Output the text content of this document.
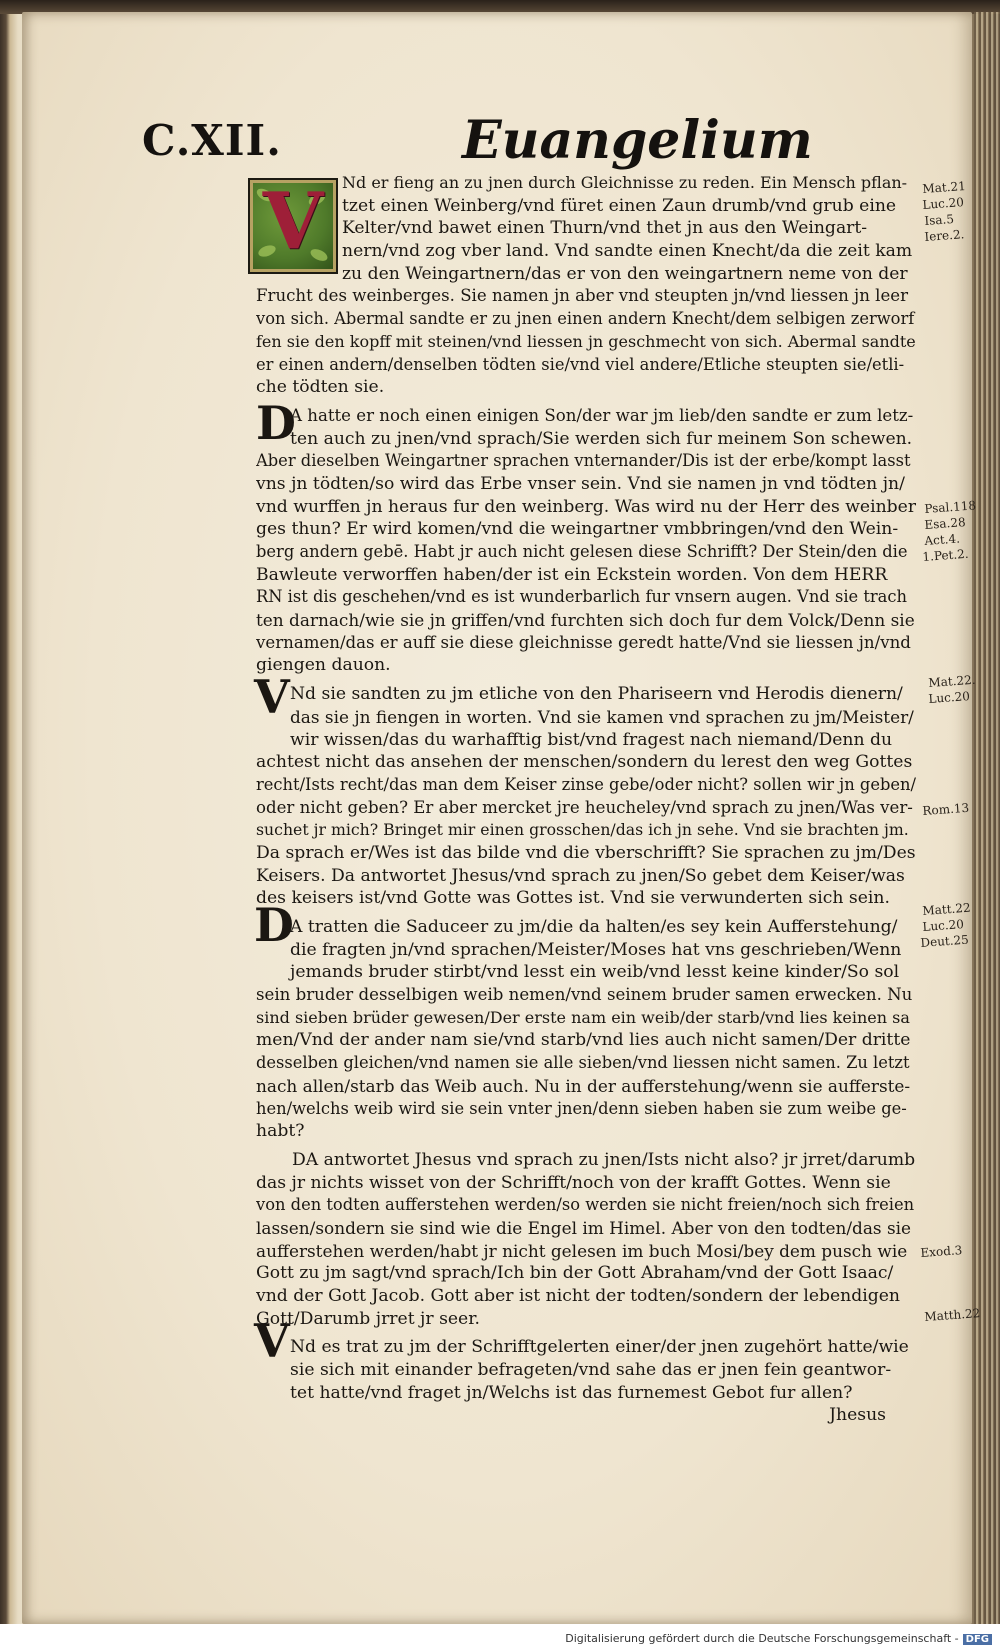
C.XII.	Euangelium
V
D
V
D
V
Nd er fieng an zu jnen durch Gleichnisse zu reden. Ein Mensch pflan-
tzet einen Weinberg/vnd füret einen Zaun drumb/vnd grub eine
Kelter/vnd bawet einen Thurn/vnd thet jn aus den Weingart-
nern/vnd zog vber land. Vnd sandte einen Knecht/da die zeit kam
zu den Weingartnern/das er von den weingartnern neme von der
Frucht des weinberges. Sie namen jn aber vnd steupten jn/vnd liessen jn leer
von sich. Abermal sandte er zu jnen einen andern Knecht/dem selbigen zerworf
fen sie den kopff mit steinen/vnd liessen jn geschmecht von sich. Abermal sandte
er einen andern/denselben tödten sie/vnd viel andere/Etliche steupten sie/etli-
che tödten sie.
A hatte er noch einen einigen Son/der war jm lieb/den sandte er zum letz-
ten auch zu jnen/vnd sprach/Sie werden sich fur meinem Son schewen.
Aber dieselben Weingartner sprachen vnternander/Dis ist der erbe/kompt lasst
vns jn tödten/so wird das Erbe vnser sein. Vnd sie namen jn vnd tödten jn/
vnd wurffen jn heraus fur den weinberg. Was wird nu der Herr des weinber
ges thun? Er wird komen/vnd die weingartner vmbbringen/vnd den Wein-
berg andern gebē. Habt jr auch nicht gelesen diese Schrifft? Der Stein/den die
Bawleute verworffen haben/der ist ein Eckstein worden. Von dem HERR
RN ist dis geschehen/vnd es ist wunderbarlich fur vnsern augen. Vnd sie trach
ten darnach/wie sie jn griffen/vnd furchten sich doch fur dem Volck/Denn sie
vernamen/das er auff sie diese gleichnisse geredt hatte/Vnd sie liessen jn/vnd
giengen dauon.
Nd sie sandten zu jm etliche von den Phariseern vnd Herodis dienern/
das sie jn fiengen in worten. Vnd sie kamen vnd sprachen zu jm/Meister/
wir wissen/das du warhafftig bist/vnd fragest nach niemand/Denn du
achtest nicht das ansehen der menschen/sondern du lerest den weg Gottes
recht/Ists recht/das man dem Keiser zinse gebe/oder nicht? sollen wir jn geben/
oder nicht geben? Er aber mercket jre heucheley/vnd sprach zu jnen/Was ver-
suchet jr mich? Bringet mir einen grosschen/das ich jn sehe. Vnd sie brachten jm.
Da sprach er/Wes ist das bilde vnd die vberschrifft? Sie sprachen zu jm/Des
Keisers. Da antwortet Jhesus/vnd sprach zu jnen/So gebet dem Keiser/was
des keisers ist/vnd Gotte was Gottes ist. Vnd sie verwunderten sich sein.
A tratten die Saduceer zu jm/die da halten/es sey kein Aufferstehung/
die fragten jn/vnd sprachen/Meister/Moses hat vns geschrieben/Wenn
jemands bruder stirbt/vnd lesst ein weib/vnd lesst keine kinder/So sol
sein bruder desselbigen weib nemen/vnd seinem bruder samen erwecken. Nu
sind sieben brüder gewesen/Der erste nam ein weib/der starb/vnd lies keinen sa
men/Vnd der ander nam sie/vnd starb/vnd lies auch nicht samen/Der dritte
desselben gleichen/vnd namen sie alle sieben/vnd liessen nicht samen. Zu letzt
nach allen/starb das Weib auch. Nu in der aufferstehung/wenn sie aufferste-
hen/welchs weib wird sie sein vnter jnen/denn sieben haben sie zum weibe ge-
habt?
DA antwortet Jhesus vnd sprach zu jnen/Ists nicht also? jr jrret/darumb
das jr nichts wisset von der Schrifft/noch von der krafft Gottes. Wenn sie
von den todten aufferstehen werden/so werden sie nicht freien/noch sich freien
lassen/sondern sie sind wie die Engel im Himel. Aber von den todten/das sie
aufferstehen werden/habt jr nicht gelesen im buch Mosi/bey dem pusch wie
Gott zu jm sagt/vnd sprach/Ich bin der Gott Abraham/vnd der Gott Isaac/
vnd der Gott Jacob. Gott aber ist nicht der todten/sondern der lebendigen
Gott/Darumb jrret jr seer.
Nd es trat zu jm der Schrifftgelerten einer/der jnen zugehört hatte/wie
sie sich mit einander befrageten/vnd sahe das er jnen fein geantwor-
tet hatte/vnd fraget jn/Welchs ist das furnemest Gebot fur allen?
Jhesus
Mat.21
Luc.20
Isa.5
Iere.2.
Psal.118
Esa.28
Act.4.
1.Pet.2.
Mat.22.
Luc.20
Rom.13
Matt.22
Luc.20
Deut.25
Exod.3
Matth.22
Digitalisierung gefördert durch die Deutsche Forschungsgemeinschaft - DFG
